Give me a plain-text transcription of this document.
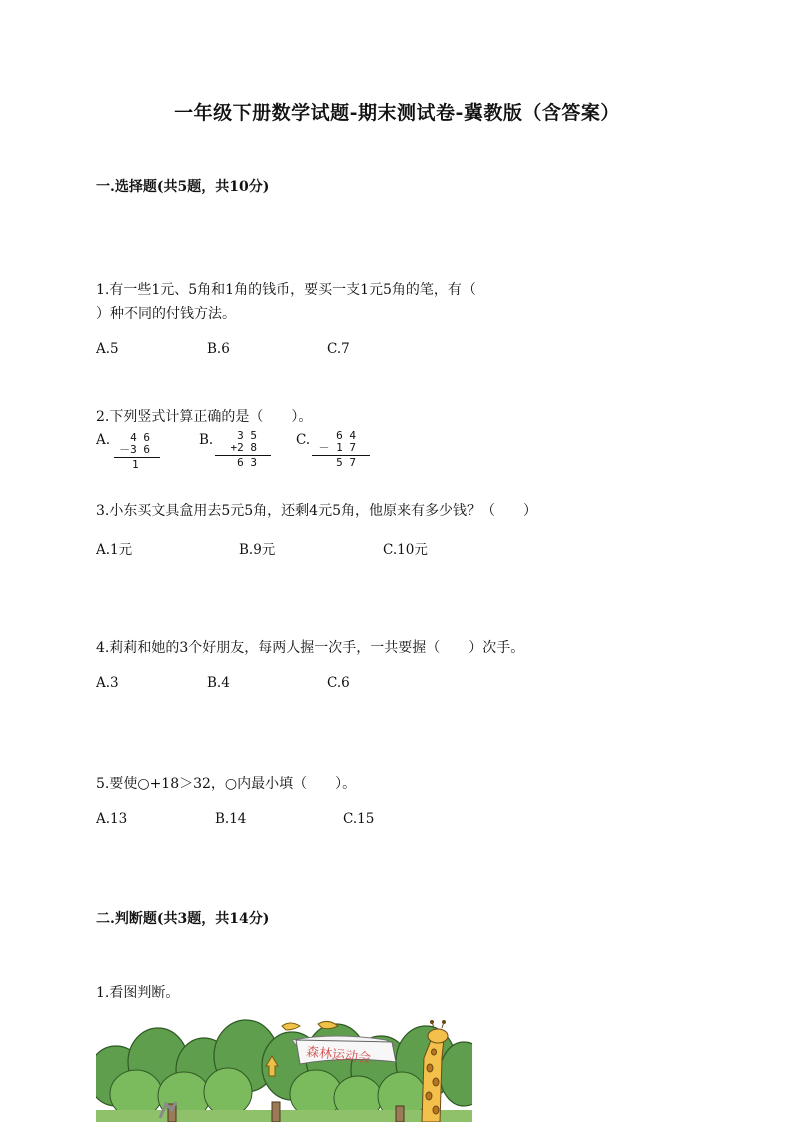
一年级下册数学试题-期末测试卷-冀教版（含答案）
一.选择题(共5题，共10分)
1.有一些1元、5角和1角的钱币，要买一支1元5角的笔，有（
）种不同的付钱方法。
A.5	B.6	C.7
2.下列竖式计算正确的是（　　）。
A.	4 6
－3 6
1
B.	3 5
+2 8
6 3
C.	6 4
－ 1 7
5 7
3.小东买文具盒用去5元5角，还剩4元5角，他原来有多少钱？（　　）
A.1元	B.9元	C.10元
4.莉莉和她的3个好朋友，每两人握一次手，一共要握（　　）次手。
A.3	B.4	C.6
5.要使○+18＞32，○内最小填（　　）。
A.13	B.14	C.15
二.判断题(共3题，共14分)
1.看图判断。
森林运动会
